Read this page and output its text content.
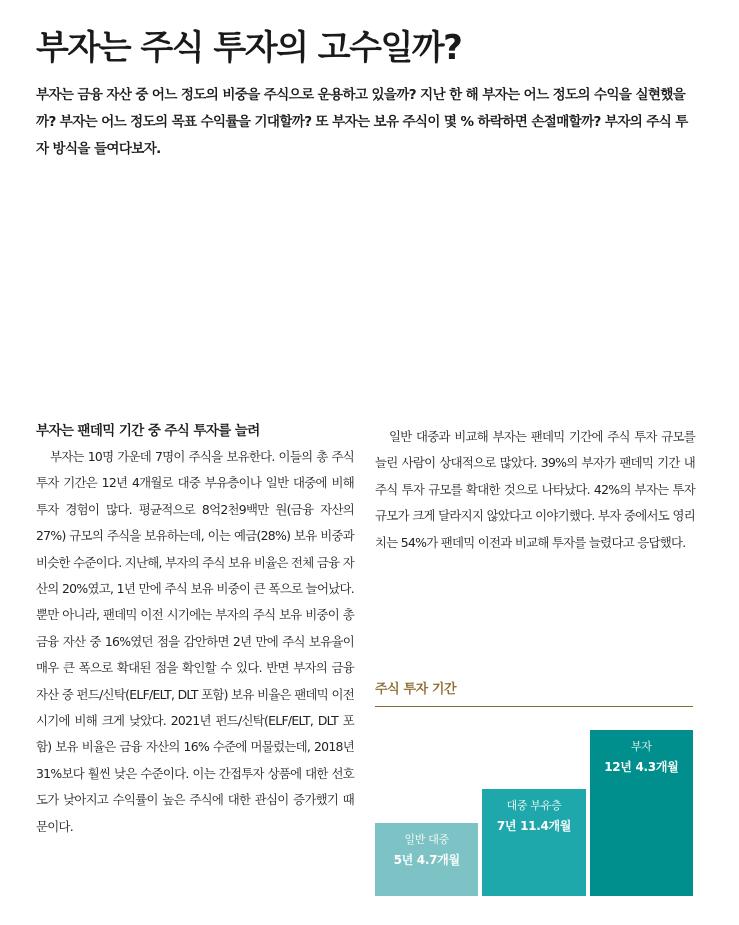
부자는 주식 투자의 고수일까?

부자는 금융 자산 중 어느 정도의 비중을 주식으로 운용하고 있을까? 지난 한 해 부자는 어느 정도의 수익을 실현했을까? 부자는 어느 정도의 목표 수익률을 기대할까? 또 부자는 보유 주식이 몇 % 하락하면 손절매할까? 부자의 주식 투자 방식을 들여다보자.

부자는 팬데믹 기간 중 주식 투자를 늘려

부자는 10명 가운데 7명이 주식을 보유한다. 이들의 총 주식 투자 기간은 12년 4개월로 대중 부유층이나 일반 대중에 비해 투자 경험이 많다. 평균적으로 8억2천9백만 원(금융 자산의 27%) 규모의 주식을 보유하는데, 이는 예금(28%) 보유 비중과 비슷한 수준이다. 지난해, 부자의 주식 보유 비율은 전체 금융 자산의 20%였고, 1년 만에 주식 보유 비중이 큰 폭으로 늘어났다. 뿐만 아니라, 팬데믹 이전 시기에는 부자의 주식 보유 비중이 총 금융 자산 중 16%였던 점을 감안하면 2년 만에 주식 보유율이 매우 큰 폭으로 확대된 점을 확인할 수 있다. 반면 부자의 금융 자산 중 펀드/신탁(ELF/ELT, DLT 포함) 보유 비율은 팬데믹 이전 시기에 비해 크게 낮았다. 2021년 펀드/신탁(ELF/ELT, DLT 포함) 보유 비율은 금융 자산의 16% 수준에 머물렀는데, 2018년 31%보다 훨씬 낮은 수준이다. 이는 간접투자 상품에 대한 선호도가 낮아지고 수익률이 높은 주식에 대한 관심이 증가했기 때문이다.

일반 대중과 비교해 부자는 팬데믹 기간에 주식 투자 규모를 늘린 사람이 상대적으로 많았다. 39%의 부자가 팬데믹 기간 내 주식 투자 규모를 확대한 것으로 나타났다. 42%의 부자는 투자 규모가 크게 달라지지 않았다고 이야기했다. 부자 중에서도 영리치는 54%가 팬데믹 이전과 비교해 투자를 늘렸다고 응답했다.

주식 투자 기간
일반 대중
5년 4.7개월
대중 부유층
7년 11.4개월
부자
12년 4.3개월
